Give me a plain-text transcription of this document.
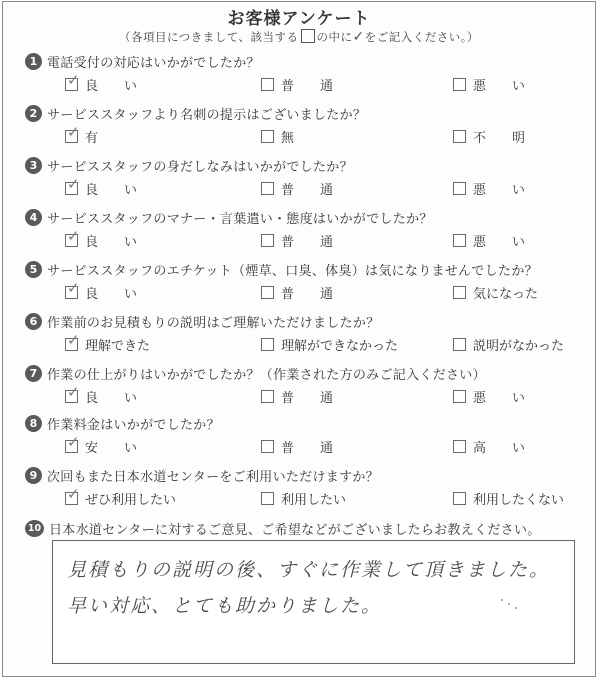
お客様アンケート
（各項目につきまして、該当する の中に✓をご記入ください。）
1 電話受付の対応はいかがでしたか？
✓ 良　　い	普　　通	悪　　い
2 サービススタッフより名刺の提示はございましたか？
✓ 有	無	不　　明
3 サービススタッフの身だしなみはいかがでしたか？
✓ 良　　い	普　　通	悪　　い
4 サービススタッフのマナー・言葉遣い・態度はいかがでしたか？
✓ 良　　い	普　　通	悪　　い
5 サービススタッフのエチケット（煙草、口臭、体臭）は気になりませんでしたか？
✓ 良　　い	普　　通	気になった
6 作業前のお見積もりの説明はご理解いただけましたか？
✓ 理解できた	理解ができなかった	説明がなかった
7 作業の仕上がりはいかがでしたか？（作業された方のみご記入ください）
✓ 良　　い	普　　通	悪　　い
8 作業料金はいかがでしたか？
✓ 安　　い	普　　通	高　　い
9 次回もまた日本水道センターをご利用いただけますか？
✓ ぜひ利用したい	利用したい	利用したくない
10 日本水道センターに対するご意見、ご希望などがございましたらお教えください。
見積もりの説明の後、すぐに作業して頂きました。
早い対応、とても助かりました。
